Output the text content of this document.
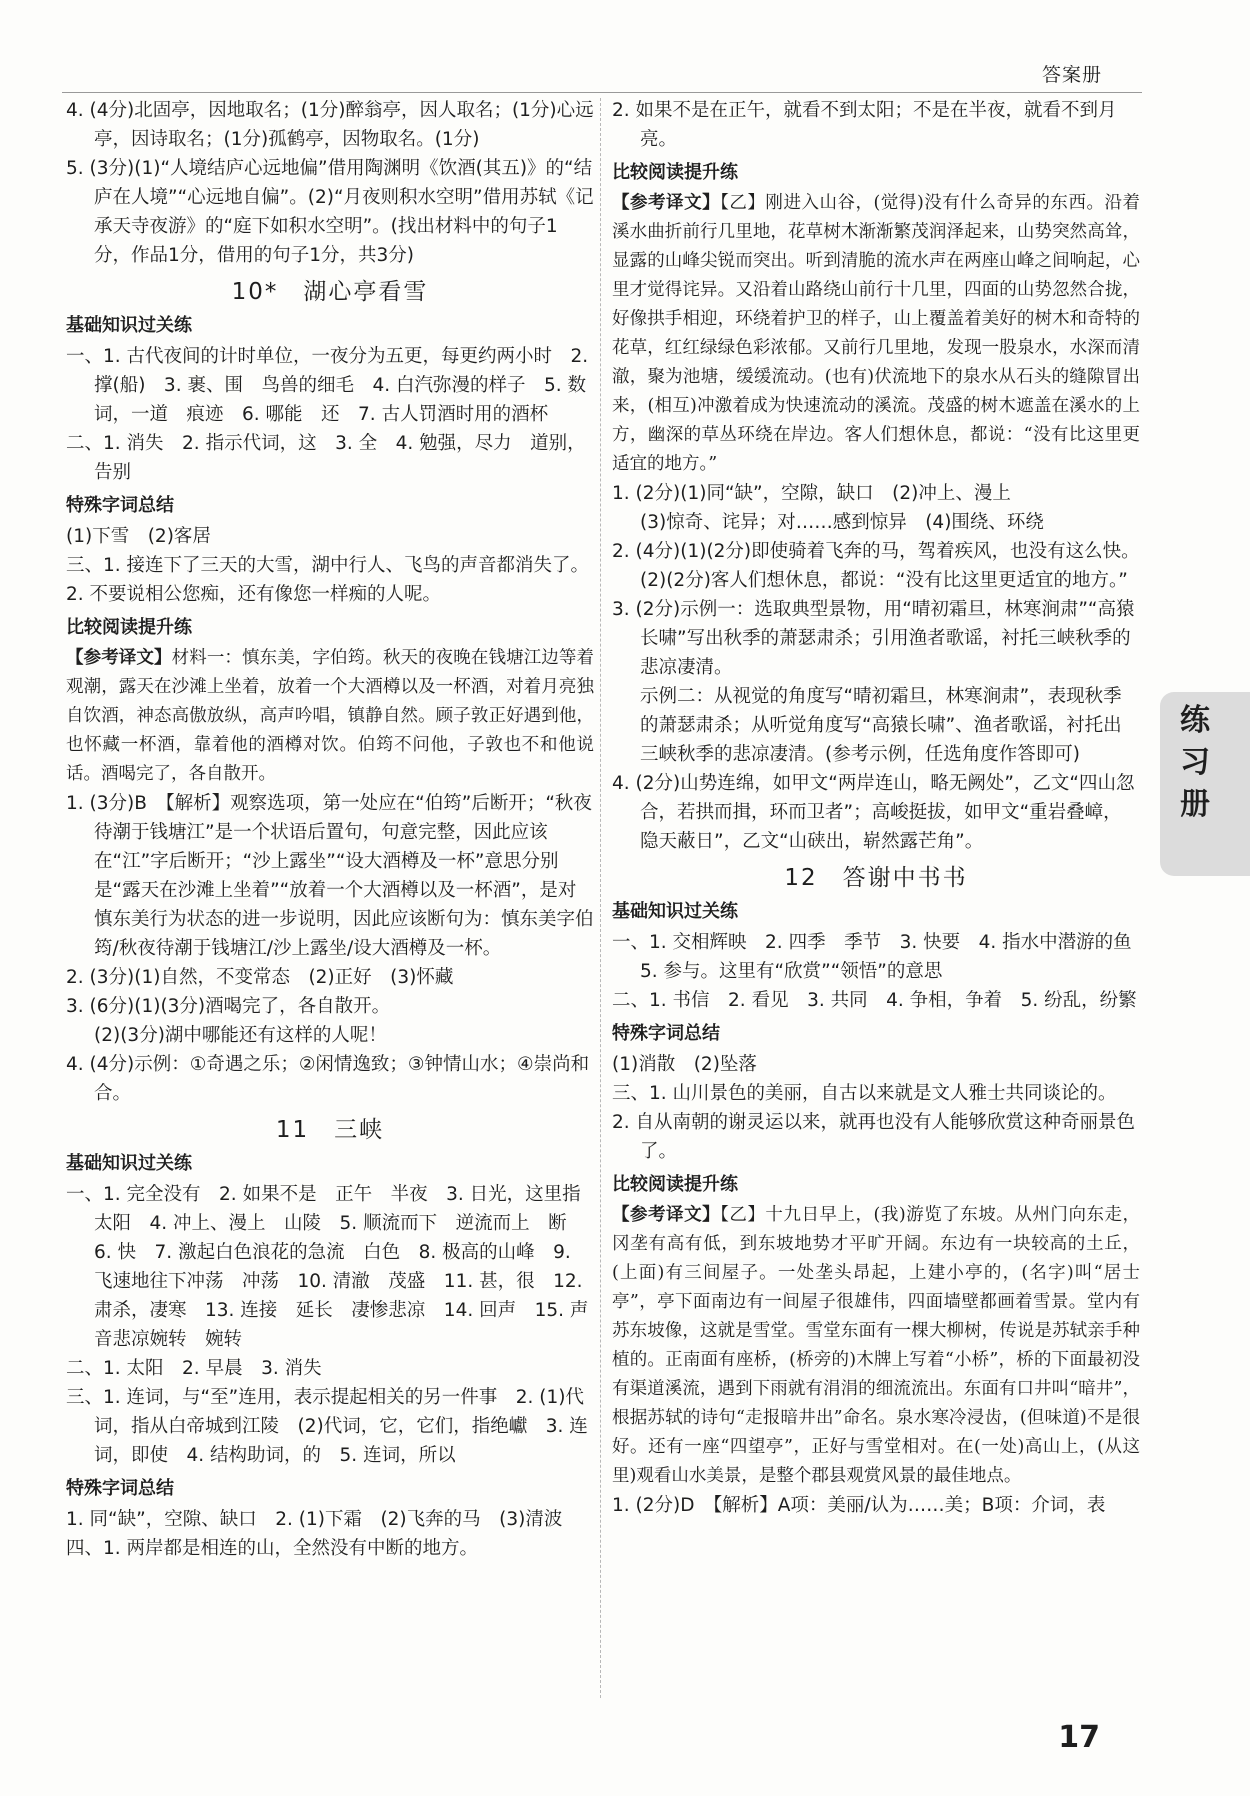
答案册

4. (4分)北固亭，因地取名；(1分)醉翁亭，因人取名；(1分)心远亭，因诗取名；(1分)孤鹤亭，因物取名。(1分)

5. (3分)(1)“人境结庐心远地偏”借用陶渊明《饮酒(其五)》的“结庐在人境”“心远地自偏”。(2)“月夜则积水空明”借用苏轼《记承天寺夜游》的“庭下如积水空明”。(找出材料中的句子1分，作品1分，借用的句子1分，共3分)

10*　湖心亭看雪
基础知识过关练

一、1. 古代夜间的计时单位，一夜分为五更，每更约两小时　2. 撑(船)　3. 裹、围　鸟兽的细毛　4. 白汽弥漫的样子　5. 数词，一道　痕迹　6. 哪能　还　7. 古人罚酒时用的酒杯

二、1. 消失　2. 指示代词，这　3. 全　4. 勉强，尽力　道别，告别

特殊字词总结

(1)下雪　(2)客居

三、1. 接连下了三天的大雪，湖中行人、飞鸟的声音都消失了。

2. 不要说相公您痴，还有像您一样痴的人呢。

比较阅读提升练

【参考译文】材料一：慎东美，字伯筠。秋天的夜晚在钱塘江边等着观潮，露天在沙滩上坐着，放着一个大酒樽以及一杯酒，对着月亮独自饮酒，神态高傲放纵，高声吟唱，镇静自然。顾子敦正好遇到他，也怀藏一杯酒，靠着他的酒樽对饮。伯筠不问他，子敦也不和他说话。酒喝完了，各自散开。

1. (3分)B　【解析】观察选项，第一处应在“伯筠”后断开；“秋夜待潮于钱塘江”是一个状语后置句，句意完整，因此应该在“江”字后断开；“沙上露坐”“设大酒樽及一杯”意思分别是“露天在沙滩上坐着”“放着一个大酒樽以及一杯酒”，是对慎东美行为状态的进一步说明，因此应该断句为：慎东美字伯筠/秋夜待潮于钱塘江/沙上露坐/设大酒樽及一杯。

2. (3分)(1)自然，不变常态　(2)正好　(3)怀藏

3. (6分)(1)(3分)酒喝完了，各自散开。

(2)(3分)湖中哪能还有这样的人呢！

4. (4分)示例：①奇遇之乐；②闲情逸致；③钟情山水；④崇尚和合。

11　三峡
基础知识过关练

一、1. 完全没有　2. 如果不是　正午　半夜　3. 日光，这里指太阳　4. 冲上、漫上　山陵　5. 顺流而下　逆流而上　断　6. 快　7. 激起白色浪花的急流　白色　8. 极高的山峰　9. 飞速地往下冲荡　冲荡　10. 清澈　茂盛　11. 甚，很　12. 肃杀，凄寒　13. 连接　延长　凄惨悲凉　14. 回声　15. 声音悲凉婉转　婉转

二、1. 太阳　2. 早晨　3. 消失

三、1. 连词，与“至”连用，表示提起相关的另一件事　2. (1)代词，指从白帝城到江陵　(2)代词，它，它们，指绝巘　3. 连词，即使　4. 结构助词，的　5. 连词，所以

特殊字词总结

1. 同“缺”，空隙、缺口　2. (1)下霜　(2)飞奔的马　(3)清波

四、1. 两岸都是相连的山，全然没有中断的地方。

2. 如果不是在正午，就看不到太阳；不是在半夜，就看不到月亮。

比较阅读提升练

【参考译文】【乙】刚进入山谷，(觉得)没有什么奇异的东西。沿着溪水曲折前行几里地，花草树木渐渐繁茂润泽起来，山势突然高耸，显露的山峰尖锐而突出。听到清脆的流水声在两座山峰之间响起，心里才觉得诧异。又沿着山路绕山前行十几里，四面的山势忽然合拢，好像拱手相迎，环绕着护卫的样子，山上覆盖着美好的树木和奇特的花草，红红绿绿色彩浓郁。又前行几里地，发现一股泉水，水深而清澈，聚为池塘，缓缓流动。(也有)伏流地下的泉水从石头的缝隙冒出来，(相互)冲激着成为快速流动的溪流。茂盛的树木遮盖在溪水的上方，幽深的草丛环绕在岸边。客人们想休息，都说：“没有比这里更适宜的地方。”

1. (2分)(1)同“缺”，空隙，缺口　(2)冲上、漫上

(3)惊奇、诧异；对……感到惊异　(4)围绕、环绕

2. (4分)(1)(2分)即使骑着飞奔的马，驾着疾风，也没有这么快。

(2)(2分)客人们想休息，都说：“没有比这里更适宜的地方。”

3. (2分)示例一：选取典型景物，用“晴初霜旦，林寒涧肃”“高猿长啸”写出秋季的萧瑟肃杀；引用渔者歌谣，衬托三峡秋季的悲凉凄清。

示例二：从视觉的角度写“晴初霜旦，林寒涧肃”，表现秋季的萧瑟肃杀；从听觉角度写“高猿长啸”、渔者歌谣，衬托出三峡秋季的悲凉凄清。(参考示例，任选角度作答即可)

4. (2分)山势连绵，如甲文“两岸连山，略无阙处”，乙文“四山忽合，若拱而揖，环而卫者”；高峻挺拔，如甲文“重岩叠嶂，隐天蔽日”，乙文“山硖出，崭然露芒角”。

12　答谢中书书
基础知识过关练

一、1. 交相辉映　2. 四季　季节　3. 快要　4. 指水中潜游的鱼　5. 参与。这里有“欣赏”“领悟”的意思

二、1. 书信　2. 看见　3. 共同　4. 争相，争着　5. 纷乱，纷繁

特殊字词总结

(1)消散　(2)坠落

三、1. 山川景色的美丽，自古以来就是文人雅士共同谈论的。

2. 自从南朝的谢灵运以来，就再也没有人能够欣赏这种奇丽景色了。

比较阅读提升练

【参考译文】【乙】十九日早上，(我)游览了东坡。从州门向东走，冈垄有高有低，到东坡地势才平旷开阔。东边有一块较高的土丘，(上面)有三间屋子。一处垄头昂起，上建小亭的，(名字)叫“居士亭”，亭下面南边有一间屋子很雄伟，四面墙壁都画着雪景。堂内有苏东坡像，这就是雪堂。雪堂东面有一棵大柳树，传说是苏轼亲手种植的。正南面有座桥，(桥旁的)木牌上写着“小桥”，桥的下面最初没有渠道溪流，遇到下雨就有涓涓的细流流出。东面有口井叫“暗井”，根据苏轼的诗句“走报暗井出”命名。泉水寒冷浸齿，(但味道)不是很好。还有一座“四望亭”，正好与雪堂相对。在(一处)高山上，(从这里)观看山水美景，是整个郡县观赏风景的最佳地点。

1. (2分)D　【解析】A项：美丽/认为……美；B项：介词，表

练习册
17
